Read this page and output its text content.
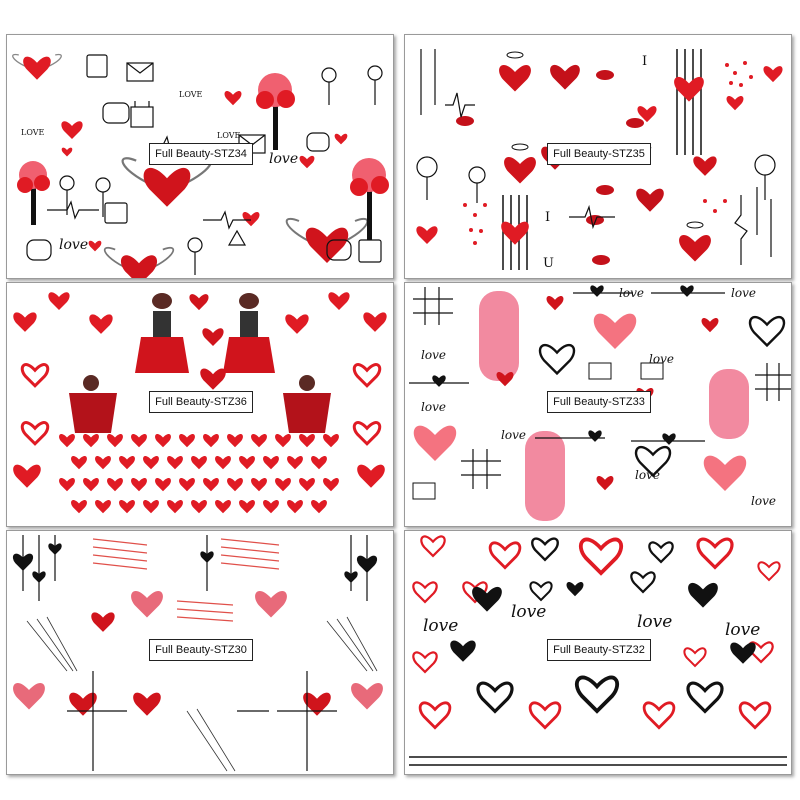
LOVE
LOVE
LOVE
love
love
Full Beauty-STZ34
I
I
U
Full Beauty-STZ35
Full Beauty-STZ36
love	love
love	love
love
love
love
love
Full Beauty-STZ33
Full Beauty-STZ30
love
love	love	love
Full Beauty-STZ32
